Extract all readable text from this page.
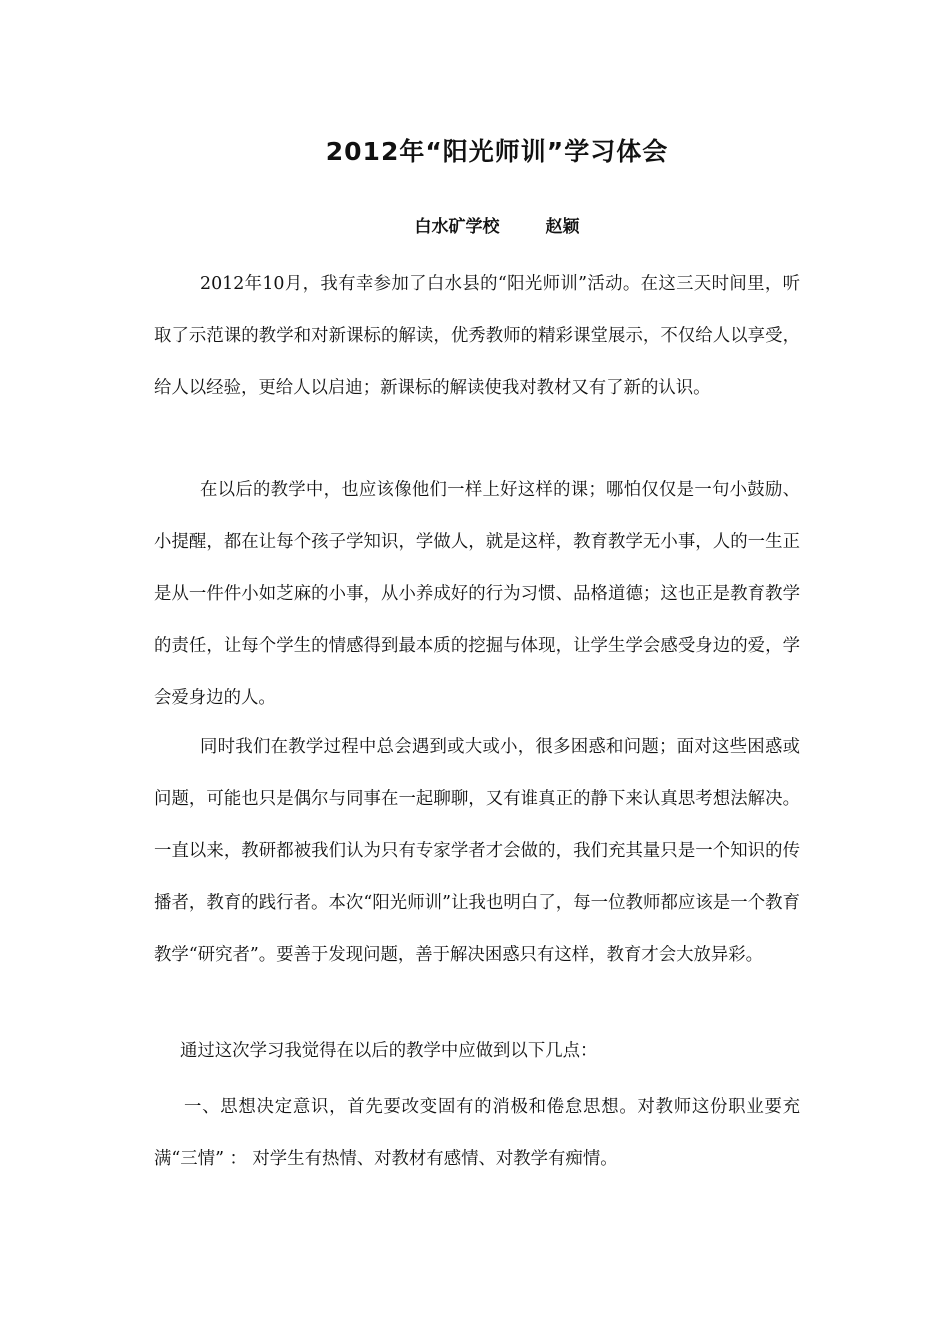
2012年“阳光师训”学习体会
白水矿学校	赵颖

2012年10月，我有幸参加了白水县的“阳光师训”活动。在这三天时间里，听取了示范课的教学和对新课标的解读，优秀教师的精彩课堂展示，不仅给人以享受，给人以经验，更给人以启迪；新课标的解读使我对教材又有了新的认识。

在以后的教学中，也应该像他们一样上好这样的课；哪怕仅仅是一句小鼓励、小提醒，都在让每个孩子学知识，学做人，就是这样，教育教学无小事，人的一生正是从一件件小如芝麻的小事，从小养成好的行为习惯、品格道德；这也正是教育教学的责任，让每个学生的情感得到最本质的挖掘与体现，让学生学会感受身边的爱，学会爱身边的人。

同时我们在教学过程中总会遇到或大或小，很多困惑和问题；面对这些困惑或问题，可能也只是偶尔与同事在一起聊聊，又有谁真正的静下来认真思考想法解决。一直以来，教研都被我们认为只有专家学者才会做的，我们充其量只是一个知识的传播者，教育的践行者。本次“阳光师训”让我也明白了，每一位教师都应该是一个教育教学“研究者”。要善于发现问题，善于解决困惑只有这样，教育才会大放异彩。

通过这次学习我觉得在以后的教学中应做到以下几点：

一、思想决定意识，首先要改变固有的消极和倦怠思想。对教师这份职业要充满“三情” ： 对学生有热情、对教材有感情、对教学有痴情。
